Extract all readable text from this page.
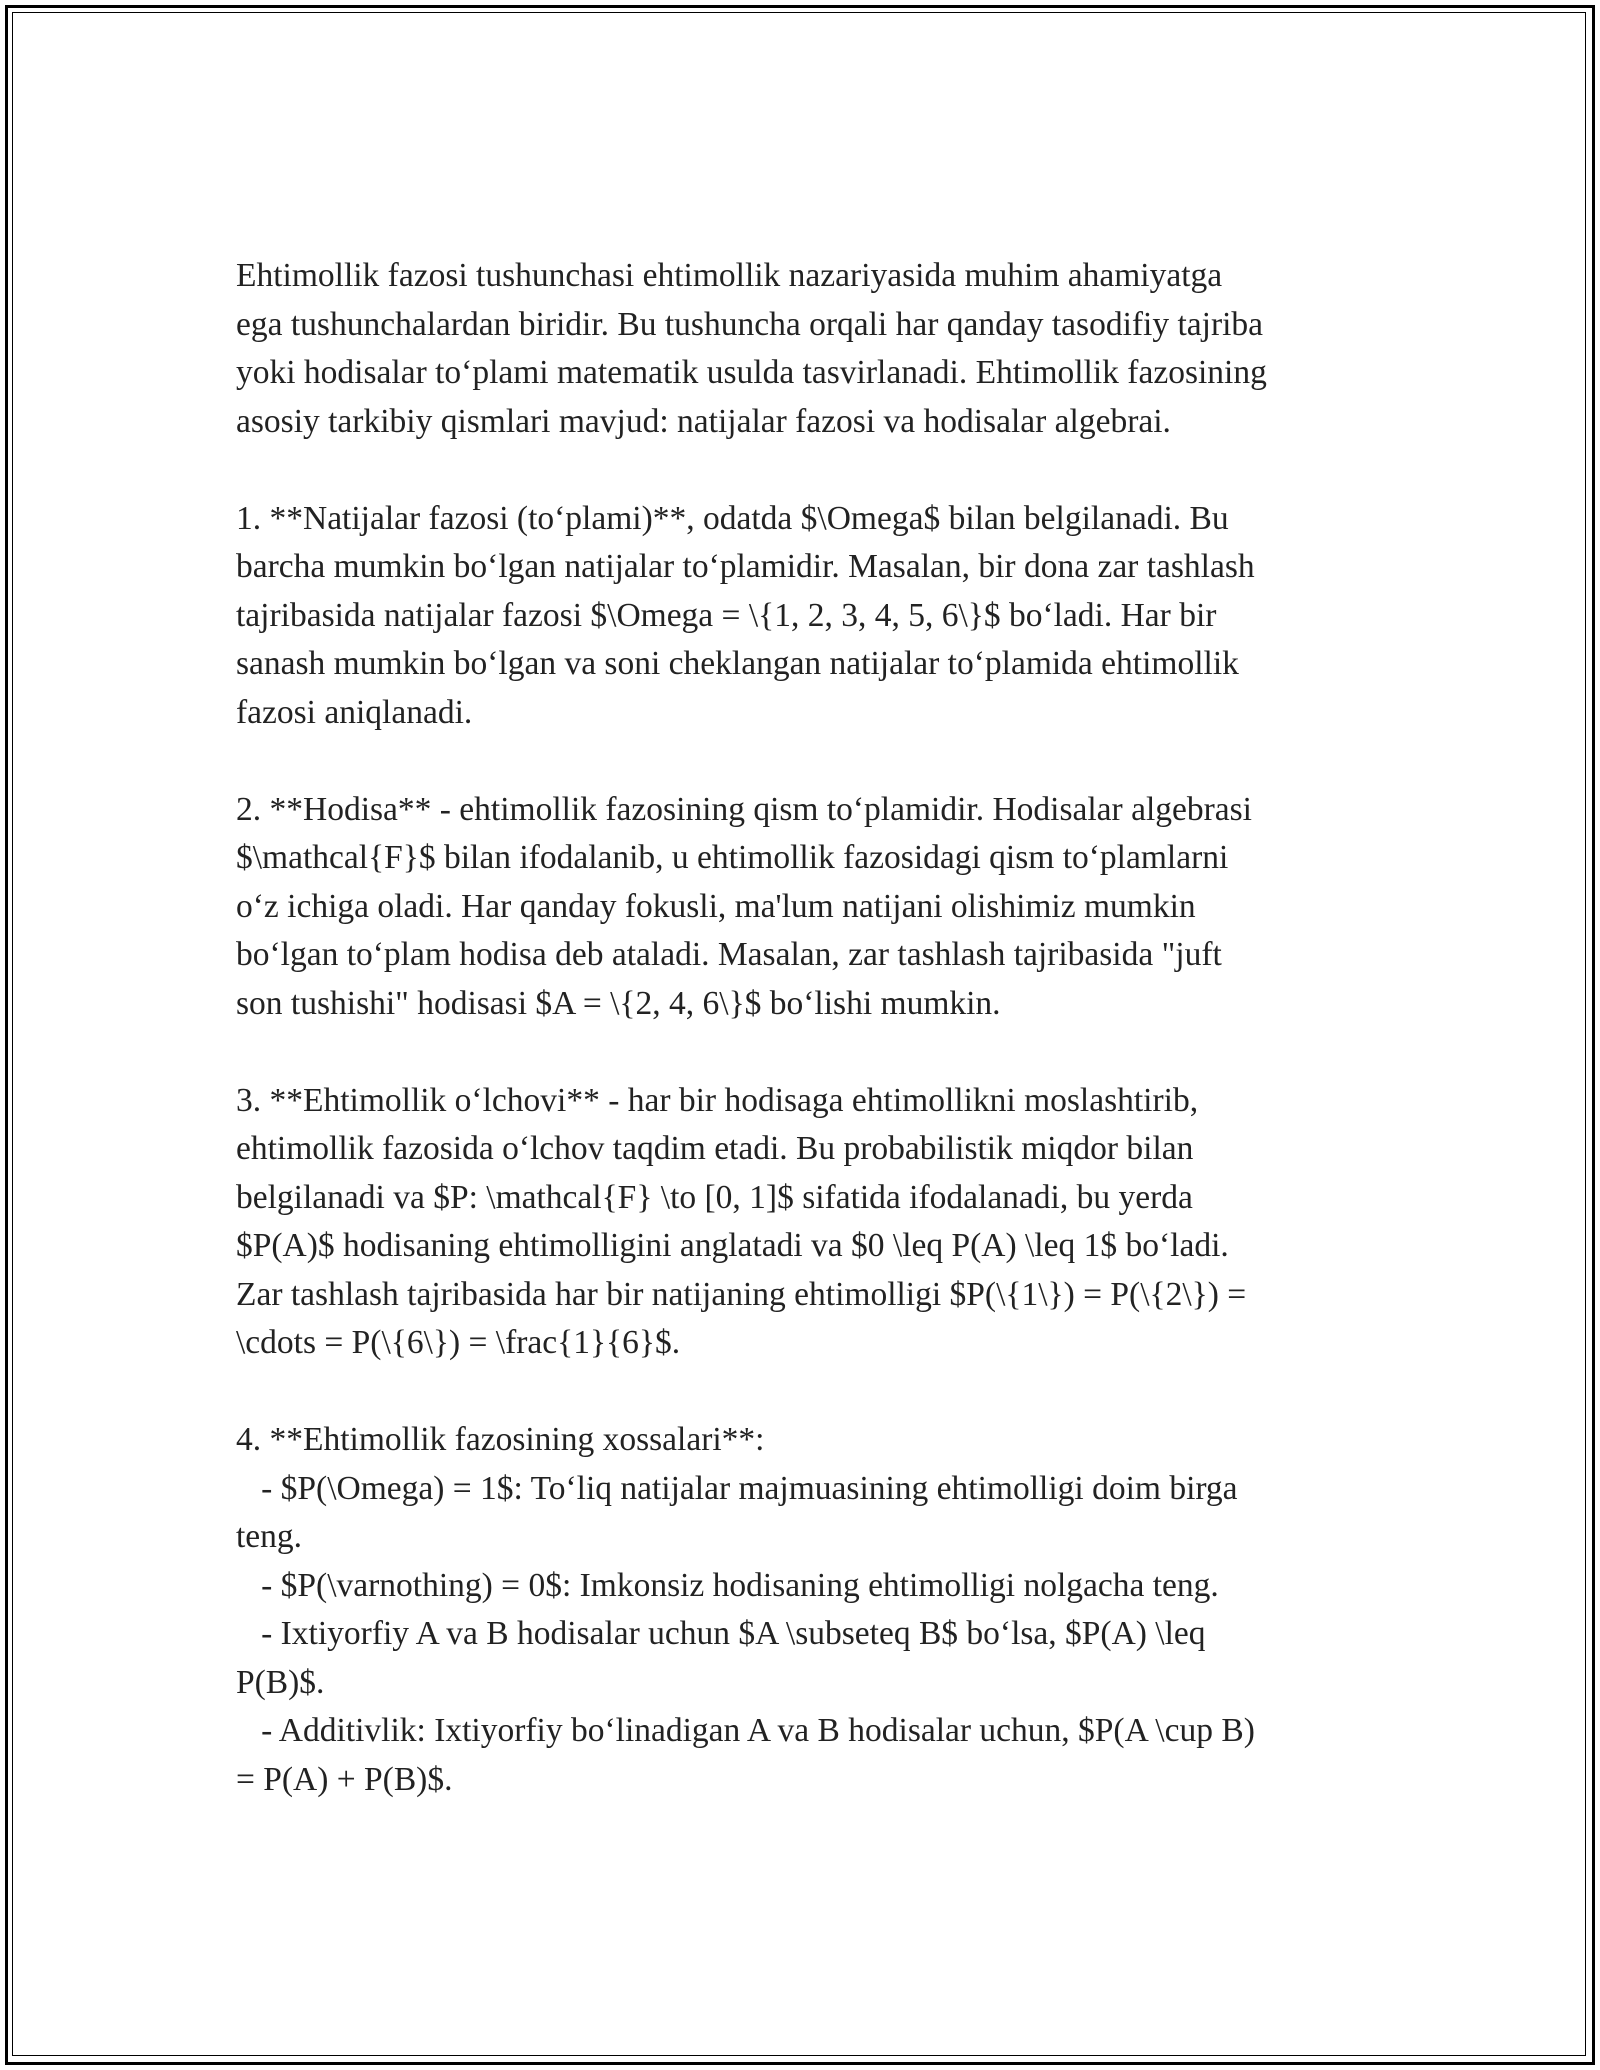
Ehtimollik fazosi tushunchasi ehtimollik nazariyasida muhim ahamiyatga
ega tushunchalardan biridir. Bu tushuncha orqali har qanday tasodifiy tajriba
yoki hodisalar to‘plami matematik usulda tasvirlanadi. Ehtimollik fazosining
asosiy tarkibiy qismlari mavjud: natijalar fazosi va hodisalar algebrai.

1. **Natijalar fazosi (to‘plami)**, odatda $\Omega$ bilan belgilanadi. Bu
barcha mumkin bo‘lgan natijalar to‘plamidir. Masalan, bir dona zar tashlash
tajribasida natijalar fazosi $\Omega = \{1, 2, 3, 4, 5, 6\}$ bo‘ladi. Har bir
sanash mumkin bo‘lgan va soni cheklangan natijalar to‘plamida ehtimollik
fazosi aniqlanadi.

2. **Hodisa** - ehtimollik fazosining qism to‘plamidir. Hodisalar algebrasi
$\mathcal{F}$ bilan ifodalanib, u ehtimollik fazosidagi qism to‘plamlarni
o‘z ichiga oladi. Har qanday fokusli, ma'lum natijani olishimiz mumkin
bo‘lgan to‘plam hodisa deb ataladi. Masalan, zar tashlash tajribasida "juft
son tushishi" hodisasi $A = \{2, 4, 6\}$ bo‘lishi mumkin.

3. **Ehtimollik o‘lchovi** - har bir hodisaga ehtimollikni moslashtirib,
ehtimollik fazosida o‘lchov taqdim etadi. Bu probabilistik miqdor bilan
belgilanadi va $P: \mathcal{F} \to [0, 1]$ sifatida ifodalanadi, bu yerda
$P(A)$ hodisaning ehtimolligini anglatadi va $0 \leq P(A) \leq 1$ bo‘ladi.
Zar tashlash tajribasida har bir natijaning ehtimolligi $P(\{1\}) = P(\{2\}) =
\cdots = P(\{6\}) = \frac{1}{6}$.

4. **Ehtimollik fazosining xossalari**:
- $P(\Omega) = 1$: To‘liq natijalar majmuasining ehtimolligi doim birga
teng.
- $P(\varnothing) = 0$: Imkonsiz hodisaning ehtimolligi nolgacha teng.
- Ixtiyorfiy A va B hodisalar uchun $A \subseteq B$ bo‘lsa, $P(A) \leq
P(B)$.
- Additivlik: Ixtiyorfiy bo‘linadigan A va B hodisalar uchun, $P(A \cup B)
= P(A) + P(B)$.
